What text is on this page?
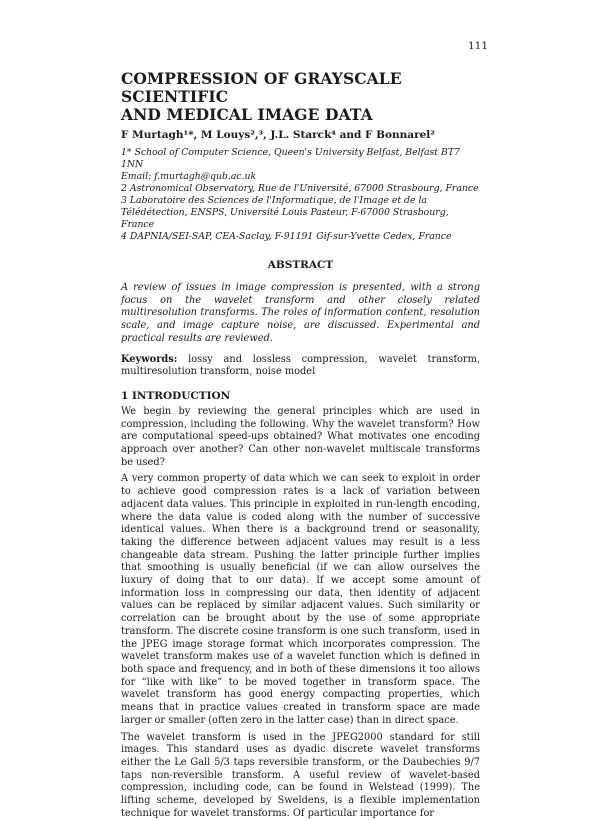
111
COMPRESSION OF GRAYSCALE SCIENTIFIC
AND MEDICAL IMAGE DATA
F Murtagh¹*, M Louys²,³, J.L. Starck⁴ and F Bonnarel²
1* School of Computer Science, Queen's University Belfast, Belfast BT7 1NN
Email: f.murtagh@qub.ac.uk
2 Astronomical Observatory, Rue de l'Université, 67000 Strasbourg, France
3 Laboratoire des Sciences de l'Informatique, de l'Image et de la Télédétection, ENSPS, Université Louis Pasteur, F-67000 Strasbourg, France
4 DAPNIA/SEI-SAP, CEA-Saclay, F-91191 Gif-sur-Yvette Cedex, France
ABSTRACT
A review of issues in image compression is presented, with a strong focus on the wavelet transform and other closely related multiresolution transforms. The roles of information content, resolution scale, and image capture noise, are discussed. Experimental and practical results are reviewed.
Keywords: lossy and lossless compression, wavelet transform, multiresolution transform, noise model
1 INTRODUCTION

We begin by reviewing the general principles which are used in compression, including the following. Why the wavelet transform? How are computational speed-ups obtained? What motivates one encoding approach over another? Can other non-wavelet multiscale transforms be used?

A very common property of data which we can seek to exploit in order to achieve good compression rates is a lack of variation between adjacent data values. This principle in exploited in run-length encoding, where the data value is coded along with the number of successive identical values. When there is a background trend or seasonality, taking the difference between adjacent values may result is a less changeable data stream. Pushing the latter principle further implies that smoothing is usually beneficial (if we can allow ourselves the luxury of doing that to our data). If we accept some amount of information loss in compressing our data, then identity of adjacent values can be replaced by similar adjacent values. Such similarity or correlation can be brought about by the use of some appropriate transform. The discrete cosine transform is one such transform, used in the JPEG image storage format which incorporates compression. The wavelet transform makes use of a wavelet function which is defined in both space and frequency, and in both of these dimensions it too allows for “like with like” to be moved together in transform space. The wavelet transform has good energy compacting properties, which means that in practice values created in transform space are made larger or smaller (often zero in the latter case) than in direct space.

The wavelet transform is used in the JPEG2000 standard for still images. This standard uses as dyadic discrete wavelet transforms either the Le Gall 5/3 taps reversible transform, or the Daubechies 9/7 taps non-reversible transform. A useful review of wavelet-based compression, including code, can be found in Welstead (1999). The lifting scheme, developed by Sweldens, is a flexible implementation technique for wavelet transforms. Of particular importance for
